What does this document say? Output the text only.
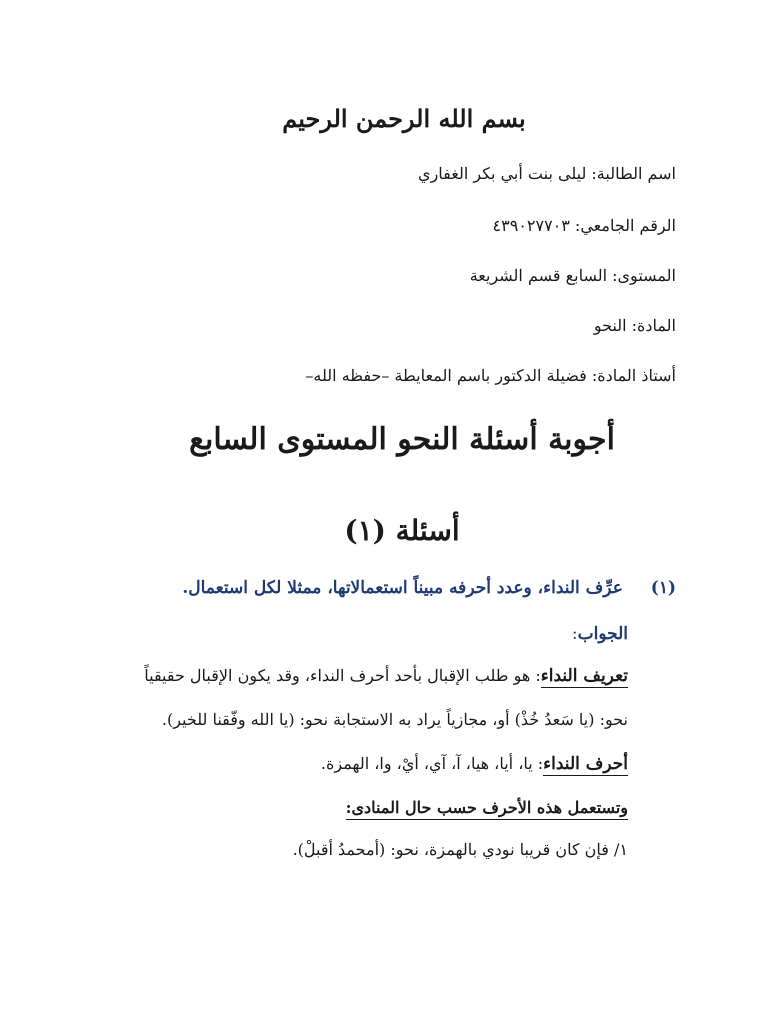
بسم الله الرحمن الرحيم
اسم الطالبة: ليلى بنت أبي بكر الغفاري
الرقم الجامعي: ٤٣٩٠٢٧٧٠٣
المستوى: السابع قسم الشريعة
المادة: النحو
أستاذ المادة: فضيلة الدكتور باسم المعايطة –حفظه الله–
أجوبة أسئلة النحو المستوى السابع
أسئلة (١)
(١) عرِّف النداء، وعدد أحرفه مبيناً استعمالاتها، ممثلا لكل استعمال.
الجواب:
تعريف النداء: هو طلب الإقبال بأحد أحرف النداء، وقد يكون الإقبال حقيقياً
نحو: (يا سَعدُ خُذْ) أو، مجازياً يراد به الاستجابة نحو: (يا الله وفّقنا للخير).
أحرف النداء: يا، أيا، هيا، آ، آي، أيْ، وا، الهمزة.
وتستعمل هذه الأحرف حسب حال المنادى:
١/ فإن كان قريبا نودي بالهمزة، نحو: (أمحمدُ أقبلْ).
